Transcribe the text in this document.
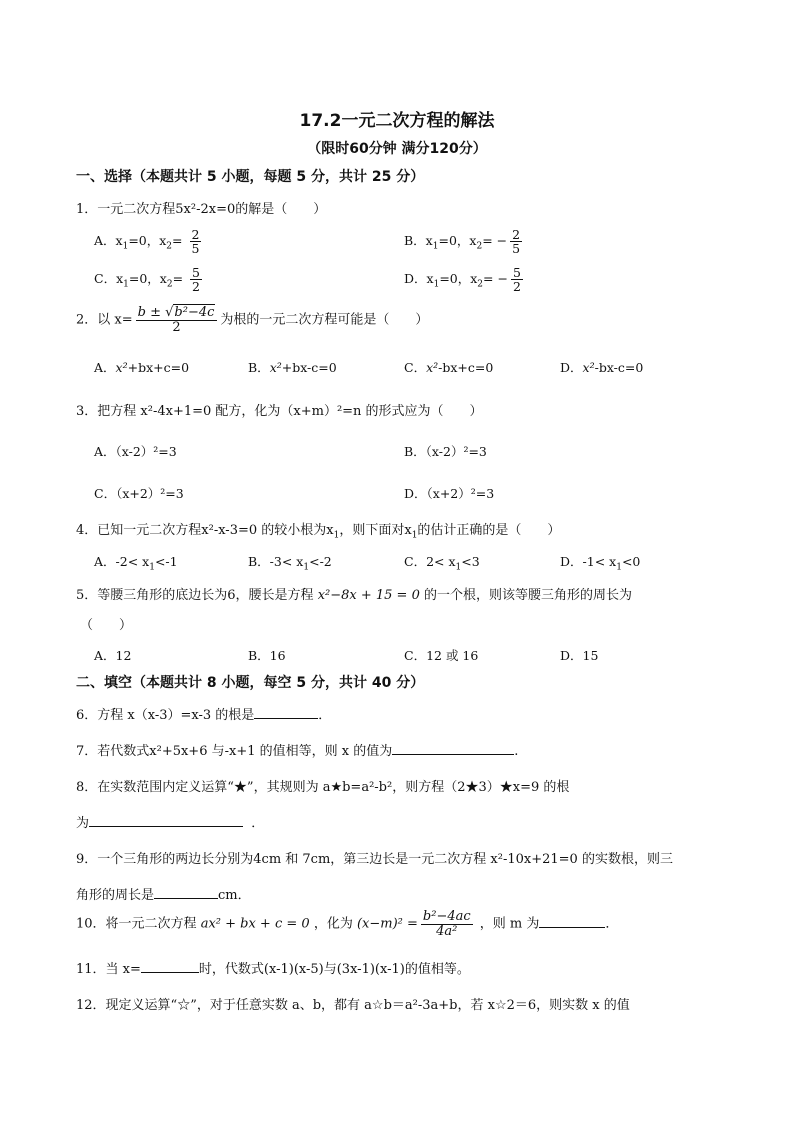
17.2一元二次方程的解法
（限时60分钟 满分120分）
一、选择（本题共计 5 小题，每题 5 分，共计 25 分）
1．一元二次方程5x²-2x=0的解是（　　）
A．$x_1=0$，$x_2= \frac{2}{5}$	B．$x_1=0$，$x_2= - \frac{2}{5}$
C．$x_1=0$，$x_2= \frac{5}{2}$	D．$x_1=0$，$x_2= - \frac{5}{2}$
2．以 $x= \frac{\text{b ± √b²−4c}}{2}$ 为根的一元二次方程可能是（　　）
A．x²+bx+c=0	B．x²+bx-c=0	C．x²-bx+c=0	D．x²-bx-c=0
3．把方程 x²-4x+1=0 配方，化为（x+m）²=n 的形式应为（　　）
A．（x-2）²=3	B．（x-2）²=3
C．（x+2）²=3	D．（x+2）²=3
4．已知一元二次方程x²-x-3=0 的较小根为$x_1$，则下面对$x_1$的估计正确的是（　　）
A．$-2< x_1<-1$	B．$-3< x_1<-2$	C．$2< x_1<3$	D．$-1< x_1<0$
5．等腰三角形的底边长为6，腰长是方程 x²−8x + 15 = 0 的一个根，则该等腰三角形的周长为
（　　）
A．12	B．16	C．12 或 16	D．15
二、填空（本题共计 8 小题，每空 5 分，共计 40 分）
6．方程 x（x-3）=x-3 的根是	．
7．若代数式x²+5x+6 与-x+1 的值相等，则 x 的值为	.
8．在实数范围内定义运算“★”，其规则为 a★b=a²-b²，则方程（2★3）★x=9 的根
为	．
9．一个三角形的两边长分别为4cm 和 7cm，第三边长是一元二次方程 x²-10x+21=0 的实数根，则三
角形的周长是	cm．
10．将一元二次方程 ax² + bx + c = 0 ，化为 $(x-m)^2 = \frac{\text{b²−4ac}}{\text{4a²}}$ ，则 m 为	．
11．当 x=	时，代数式(x-1)(x-5)与(3x-1)(x-1)的值相等。
12．现定义运算“☆”，对于任意实数 a、b，都有 a☆b＝a²-3a+b，若 x☆2＝6，则实数 x 的值
